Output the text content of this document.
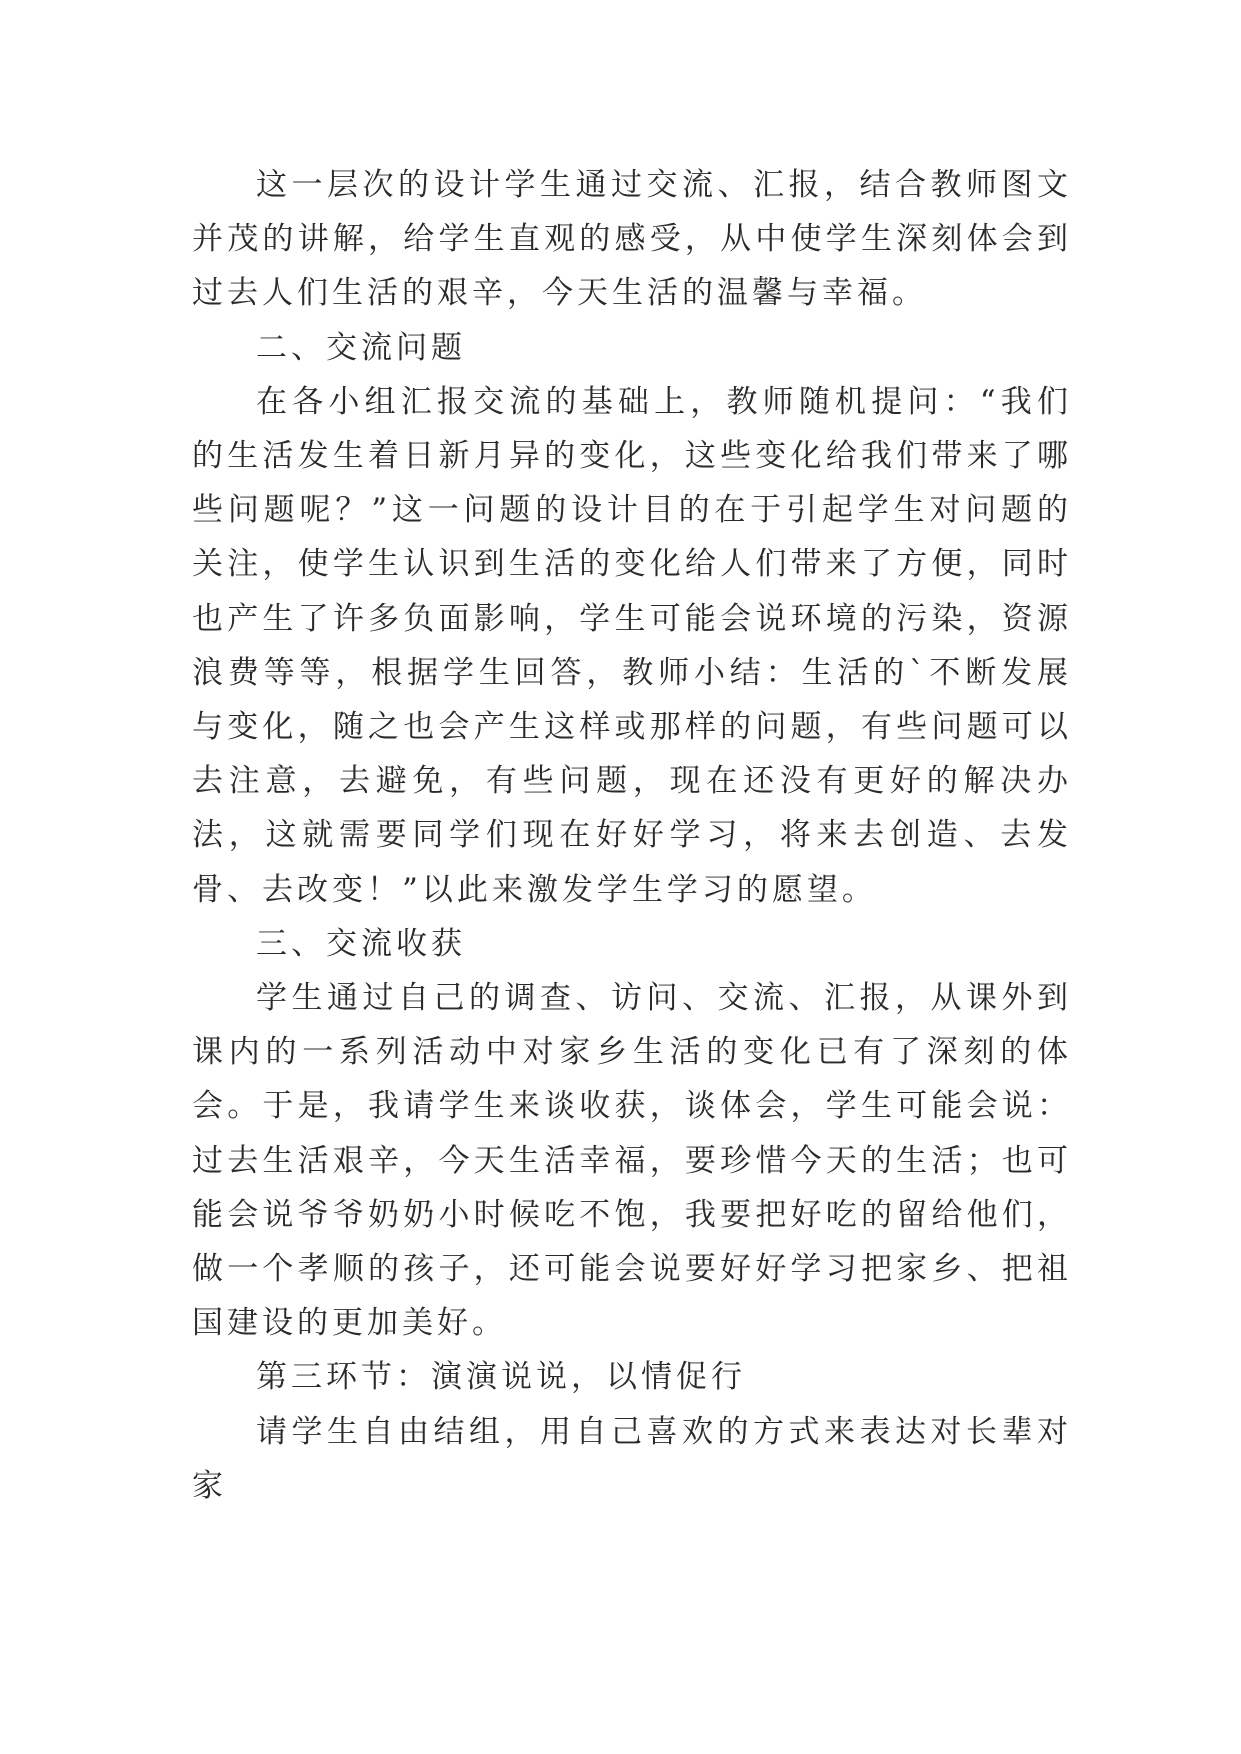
这一层次的设计学生通过交流、汇报，结合教师图文并茂的讲解，给学生直观的感受，从中使学生深刻体会到过去人们生活的艰辛，今天生活的温馨与幸福。

二、交流问题

在各小组汇报交流的基础上，教师随机提问：“我们的生活发生着日新月异的变化，这些变化给我们带来了哪些问题呢？”这一问题的设计目的在于引起学生对问题的关注，使学生认识到生活的变化给人们带来了方便，同时也产生了许多负面影响，学生可能会说环境的污染，资源浪费等等，根据学生回答，教师小结：生活的`不断发展与变化，随之也会产生这样或那样的问题，有些问题可以去注意，去避免，有些问题，现在还没有更好的解决办法，这就需要同学们现在好好学习，将来去创造、去发骨、去改变！”以此来激发学生学习的愿望。

三、交流收获

学生通过自己的调查、访问、交流、汇报，从课外到课内的一系列活动中对家乡生活的变化已有了深刻的体会。于是，我请学生来谈收获，谈体会，学生可能会说：过去生活艰辛，今天生活幸福，要珍惜今天的生活；也可能会说爷爷奶奶小时候吃不饱，我要把好吃的留给他们，做一个孝顺的孩子，还可能会说要好好学习把家乡、把祖国建设的更加美好。

第三环节：演演说说，以情促行

请学生自由结组，用自己喜欢的方式来表达对长辈对家
